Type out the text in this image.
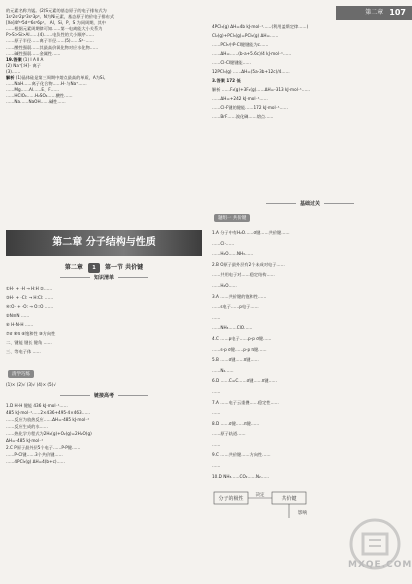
第二章 107
的元素名称为锰。(2)S元素的基态原子的电子排布式为
1s²2s²2p⁶3s²3p⁴。N为Ni元素，基态原子的价电子排布式
[Xe]4f¹⁴5d¹⁰6s²6p¹。 Al，Si，P，S 为同周期，其中
……根据元素周期律可知……第一电离能大小关系为
P>S>Si>Al……(4)……电负性的大小顺序……
……原子半径……离子半径……(5)……S²⁻……
……酸性强弱……其最高价氧化物对应水化物……
……碱性强弱……金属性……
19.答案 (1) Ⅰ A Ⅱ A
(2) Na⁺[:H]⁻ 离子
(3)……
解析 (1)晶体硅是第三周期中熔点最高的单质，A为Si。
……NaH……离子化合物……H⁻与Na⁺……
……Mg……Al……E、F……
……HClO₄……H₂SO₄……酸性……
……Na……NaOH……碱性……
第二章 分子结构与性质
第二章 1 第一节 共价键
知识清单
①H· + ·H → H:H ②……
③H· + ·Cl: → H:Cl: ……
④:O· + ·O: → O::O ……
⑤N≡N ……
⑥ H-N-H ……
⑦σ ⑧π ⑨饱和性 ⑩方向性
二、键能 键长 键角 ……
三、等电子体 ……
清学巧练
(1)× (2)√ (3)√ (4)× (5)√
链接高考
1.D H-H 键能 436 kJ·mol⁻¹……
485 kJ·mol⁻¹……2×436+495-4×463……
……反应为放热反应……ΔH=-485 kJ·mol⁻¹
……反应生成的水……
……热化学方程式为2H₂(g)+O₂(g)=2H₂O(g)
ΔH=-485 kJ·mol⁻¹
2.C P原子最外层5个电子……P-P键……
……P-Cl键……3个共价键……
……4PCl₃(g) ΔH=4(b+c)……
4PCl₃(g) ΔH=4b kJ·mol⁻¹……(利用盖斯定律……)
Cl₂(g)+PCl₃(g)=PCl₅(g) ΔH=……
……PCl₅中P-Cl键键能为c……
……ΔH=……(b-a+5.6c)/4 kJ·mol⁻¹……
……Cl-Cl键键能……
12PCl₃(g) ……ΔH=(5a-3b+12c)/4……
3.答案 172 低
解析 ……F₂(g)+3F₂(g)……ΔH=-313 kJ·mol⁻¹……
……ΔH=+242 kJ·mol⁻¹……
……Cl-F键的键能……172 kJ·mol⁻¹……
……BrF……溴化碘……熔点……
基础过关
题组一 共价键
1.A 分子中有H₂O……σ键……共价键……
……Cl·……
……H₂O……NH₃……
2.B O原子最外层有2个未成对电子……
……共用电子对……稳定结构……
……H₂O……
3.A ……共价键的饱和性……
……s电子……p电子……
……
……NH₃……ClO……
4.C ……p电子……p-p σ键……
……s-p σ键……p-p π键……
5.B ……σ键……π键……
……N₂……
6.D ……C=C……σ键……π键……
……
7.A ……电子云重叠……稳定性……
……
8.D ……σ键……π键……
……原子轨道……
……
9.C ……共价键……方向性……
……
10.D NH₃……CO₂……N₂……
分子的极性
决定
共价键
影响
MXQE.COM
